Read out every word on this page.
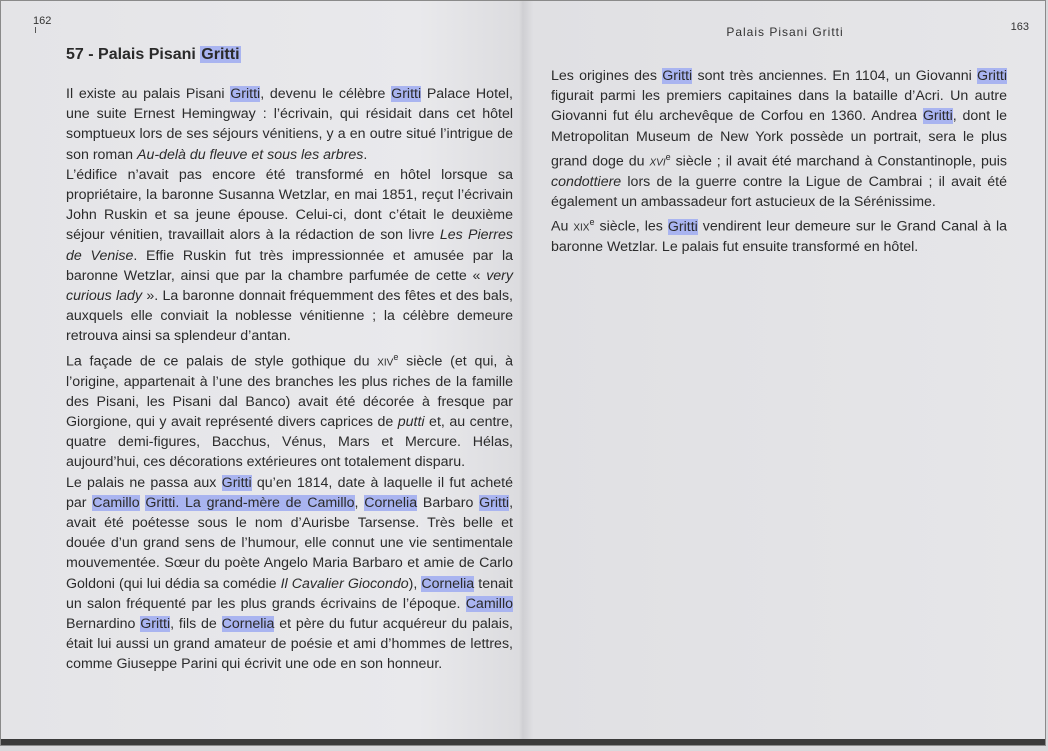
162
57 - Palais Pisani Gritti

Il existe au palais Pisani Gritti, devenu le célèbre Gritti Palace Hotel, une suite Ernest Hemingway : l’écrivain, qui résidait dans cet hôtel somptueux lors de ses séjours vénitiens, y a en outre situé l’intrigue de son roman Au-delà du fleuve et sous les arbres.

L’édifice n’avait pas encore été transformé en hôtel lorsque sa propriétaire, la baronne Susanna Wetzlar, en mai 1851, reçut l’écrivain John Ruskin et sa jeune épouse. Celui-ci, dont c’était le deuxième séjour vénitien, travaillait alors à la rédaction de son livre Les Pierres de Venise. Effie Ruskin fut très impressionnée et amusée par la baronne Wetzlar, ainsi que par la chambre parfumée de cette « very curious lady ». La baronne donnait fréquemment des fêtes et des bals, auxquels elle conviait la noblesse vénitienne ; la célèbre demeure retrouva ainsi sa splendeur d’antan.

La façade de ce palais de style gothique du xiv$^e$ siècle (et qui, à l’origine, appartenait à l’une des branches les plus riches de la famille des Pisani, les Pisani dal Banco) avait été décorée à fresque par Giorgione, qui y avait représenté divers caprices de putti et, au centre, quatre demi-figures, Bacchus, Vénus, Mars et Mercure. Hélas, aujourd’hui, ces décorations extérieures ont totalement disparu.

Le palais ne passa aux Gritti qu’en 1814, date à laquelle il fut acheté par Camillo Gritti. La grand-mère de Camillo, Cornelia Barbaro Gritti, avait été poétesse sous le nom d’Aurisbe Tarsense. Très belle et douée d’un grand sens de l’humour, elle connut une vie sentimentale mouvementée. Sœur du poète Angelo Maria Barbaro et amie de Carlo Goldoni (qui lui dédia sa comédie Il Cavalier Giocondo), Cornelia tenait un salon fréquenté par les plus grands écrivains de l’époque. Camillo Bernardino Gritti, fils de Cornelia et père du futur acquéreur du palais, était lui aussi un grand amateur de poésie et ami d’hommes de lettres, comme Giuseppe Parini qui écrivit une ode en son honneur.

Palais Pisani Gritti	163

Les origines des Gritti sont très anciennes. En 1104, un Giovanni Gritti figurait parmi les premiers capitaines dans la bataille d’Acri. Un autre Giovanni fut élu archevêque de Corfou en 1360. Andrea Gritti, dont le Metropolitan Museum de New York possède un portrait, sera le plus grand doge du xvi$^e$ siècle ; il avait été marchand à Constantinople, puis condottiere lors de la guerre contre la Ligue de Cambrai ; il avait été également un ambassadeur fort astucieux de la Sérénissime.

Au xix$^e$ siècle, les Gritti vendirent leur demeure sur le Grand Canal à la baronne Wetzlar. Le palais fut ensuite transformé en hôtel.
